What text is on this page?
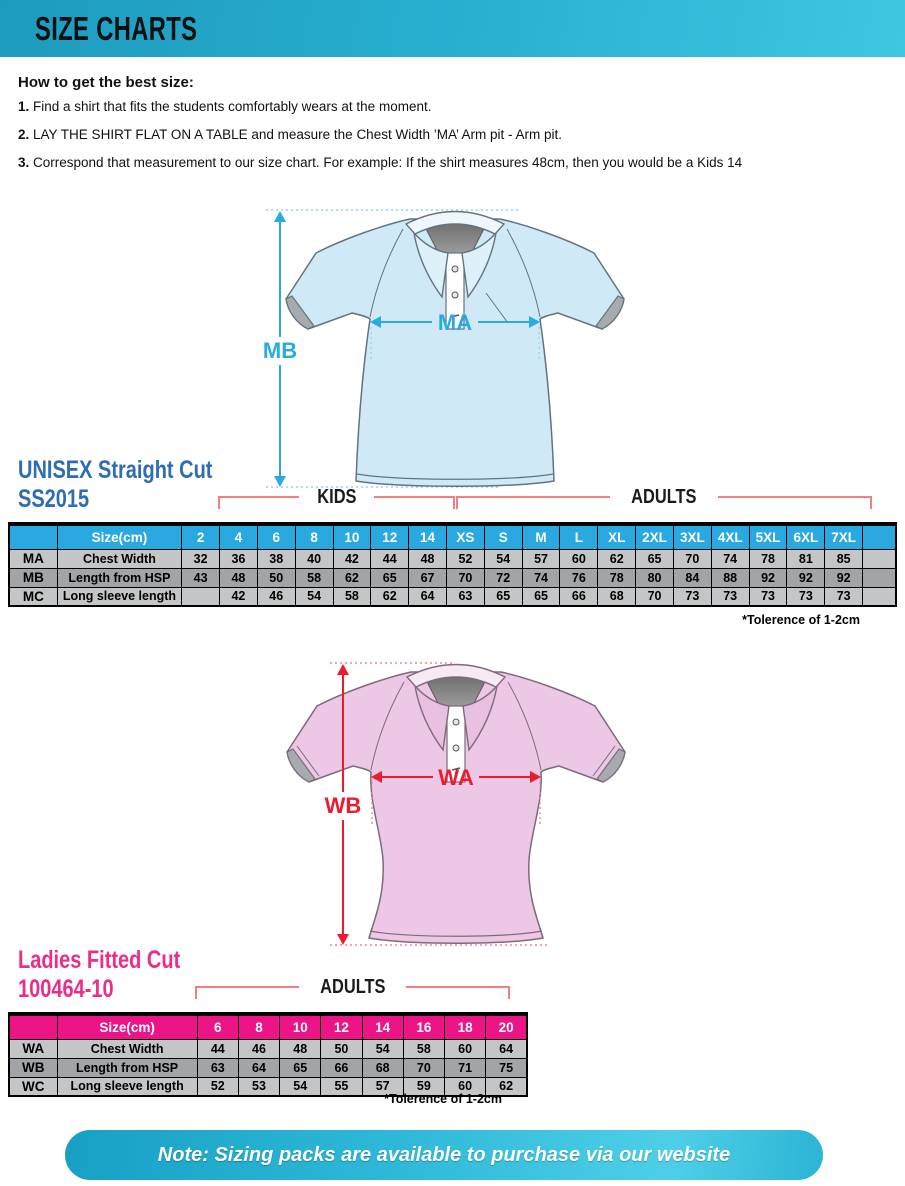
SIZE CHARTS
How to get the best size:
1. Find a shirt that fits the students comfortably wears at the moment.
2. LAY THE SHIRT FLAT ON A TABLE and measure the Chest Width ’MA’ Arm pit - Arm pit.
3. Correspond that measurement to our size chart. For example: If the shirt measures 48cm, then you would be a Kids 14
MA
MB
UNISEX Straight Cut
SS2015	KIDS	ADULTS
	Size(cm)	2	4	6	8	10	12	14	XS	S	M	L	XL	2XL	3XL	4XL	5XL	6XL	7XL	
MA	Chest Width	32	36	38	40	42	44	48	52	54	57	60	62	65	70	74	78	81	85	
MB	Length from HSP	43	48	50	58	62	65	67	70	72	74	76	78	80	84	88	92	92	92	
MC	Long sleeve length		42	46	54	58	62	64	63	65	65	66	68	70	73	73	73	73	73	
*Tolerence of 1-2cm
WA
WB
Ladies Fitted Cut
100464-10	ADULTS
	Size(cm)	6	8	10	12	14	16	18	20
WA	Chest Width	44	46	48	50	54	58	60	64
WB	Length from HSP	63	64	65	66	68	70	71	75
WC	Long sleeve length	52	53	54	55	57	59	60	62
*Tolerence of 1-2cm
Note: Sizing packs are available to purchase via our website
